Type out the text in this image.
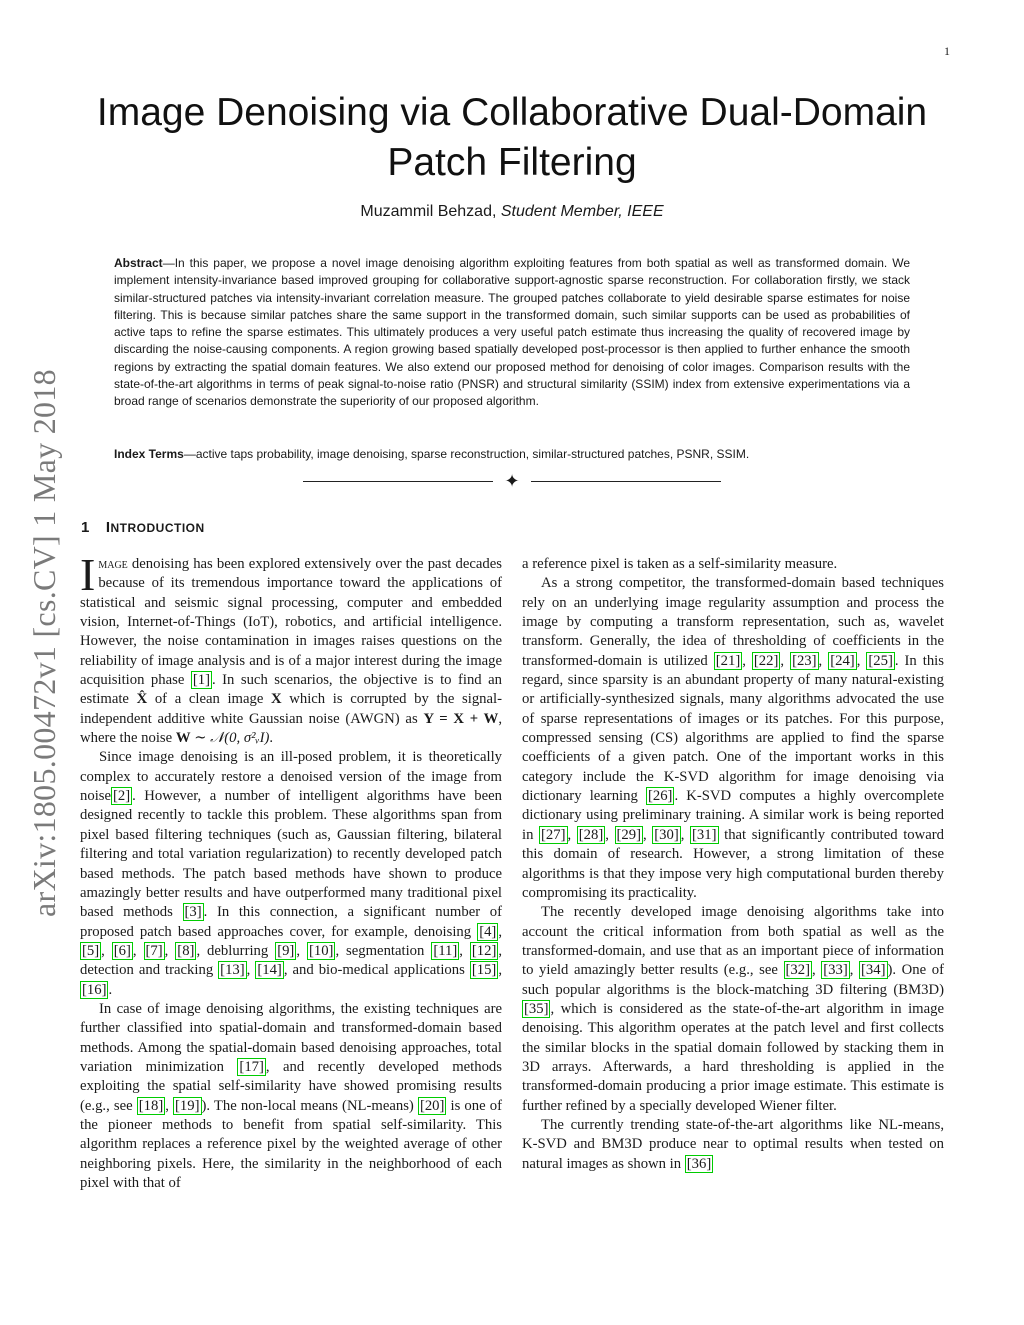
1
Image Denoising via Collaborative Dual-Domain
Patch Filtering
Muzammil Behzad, Student Member, IEEE
Abstract—In this paper, we propose a novel image denoising algorithm exploiting features from both spatial as well as transformed domain. We implement intensity-invariance based improved grouping for collaborative support-agnostic sparse reconstruction. For collaboration firstly, we stack similar-structured patches via intensity-invariant correlation measure. The grouped patches collaborate to yield desirable sparse estimates for noise filtering. This is because similar patches share the same support in the transformed domain, such similar supports can be used as probabilities of active taps to refine the sparse estimates. This ultimately produces a very useful patch estimate thus increasing the quality of recovered image by discarding the noise-causing components. A region growing based spatially developed post-processor is then applied to further enhance the smooth regions by extracting the spatial domain features. We also extend our proposed method for denoising of color images. Comparison results with the state-of-the-art algorithms in terms of peak signal-to-noise ratio (PNSR) and structural similarity (SSIM) index from extensive experimentations via a broad range of scenarios demonstrate the superiority of our proposed algorithm.
Index Terms—active taps probability, image denoising, sparse reconstruction, similar-structured patches, PSNR, SSIM.
✦
arXiv:1805.00472v1 [cs.CV] 1 May 2018 1 INTRODUCTION

Image denoising has been explored extensively over the past decades because of its tremendous importance toward the applications of statistical and seismic signal processing, computer and embedded vision, Internet-of-Things (IoT), robotics, and artificial intelligence. However, the noise contamination in images raises questions on the reliability of image analysis and is of a major interest during the image acquisition phase [1] . In such scenarios, the objective is to find an estimate X̂ of a clean image X which is corrupted by the signal-independent additive white Gaussian noise (AWGN) as Y = X + W, where the noise W ∼ 𝒩(0, σ²ᵥI).

Since image denoising is an ill-posed problem, it is theoretically complex to accurately restore a denoised version of the image from noise [2] . However, a number of intelligent algorithms have been designed recently to tackle this problem. These algorithms span from pixel based filtering techniques (such as, Gaussian filtering, bilateral filtering and total variation regularization) to recently developed patch based methods. The patch based methods have shown to produce amazingly better results and have outperformed many traditional pixel based methods [3] . In this connection, a significant number of proposed patch based approaches cover, for example, denoising [4] , [5] , [6] , [7] , [8] , deblurring [9] , [10] , segmentation [11] , [12] , detection and tracking [13] , [14] , and bio-medical applications [15] , [16] .

In case of image denoising algorithms, the existing techniques are further classified into spatial-domain and transformed-domain based methods. Among the spatial-domain based denoising approaches, total variation minimization [17] , and recently developed methods exploiting the spatial self-similarity have showed promising results (e.g., see [18] , [19] ). The non-local means (NL-means) [20] is one of the pioneer methods to benefit from spatial self-similarity. This algorithm replaces a reference pixel by the weighted average of other neighboring pixels. Here, the similarity in the neighborhood of each pixel with that of

a reference pixel is taken as a self-similarity measure.

As a strong competitor, the transformed-domain based techniques rely on an underlying image regularity assumption and process the image by computing a transform representation, such as, wavelet transform. Generally, the idea of thresholding of coefficients in the transformed-domain is utilized [21] , [22] , [23] , [24] , [25] . In this regard, since sparsity is an abundant property of many natural-existing or artificially-synthesized signals, many algorithms advocated the use of sparse representations of images or its patches. For this purpose, compressed sensing (CS) algorithms are applied to find the sparse coefficients of a given patch. One of the important works in this category include the K-SVD algorithm for image denoising via dictionary learning [26] . K-SVD computes a highly overcomplete dictionary using preliminary training. A similar work is being reported in [27] , [28] , [29] , [30] , [31] that significantly contributed toward this domain of research. However, a strong limitation of these algorithms is that they impose very high computational burden thereby compromising its practicality.

The recently developed image denoising algorithms take into account the critical information from both spatial as well as the transformed-domain, and use that as an important piece of information to yield amazingly better results (e.g., see [32] , [33] , [34] ). One of such popular algorithms is the block-matching 3D filtering (BM3D) [35] , which is considered as the state-of-the-art algorithm in image denoising. This algorithm operates at the patch level and first collects the similar blocks in the spatial domain followed by stacking them in 3D arrays. Afterwards, a hard thresholding is applied in the transformed-domain producing a prior image estimate. This estimate is further refined by a specially developed Wiener filter.

The currently trending state-of-the-art algorithms like NL-means, K-SVD and BM3D produce near to optimal results when tested on natural images as shown in [36]
